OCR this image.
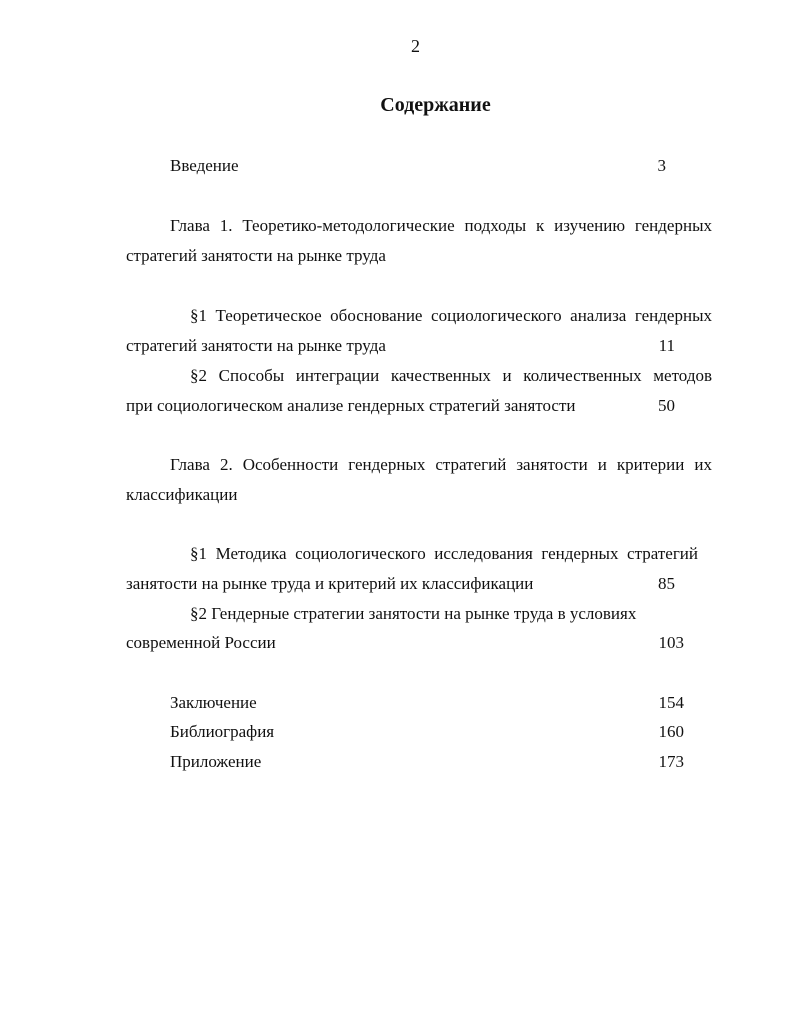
2
Содержание
Введение	3
Глава 1. Теоретико-методологические подходы к изучению гендерных
стратегий занятости на рынке труда
§1 Теоретическое обоснование социологического анализа гендерных
стратегий занятости на рынке труда	11
§2 Способы интеграции качественных и количественных методов
при социологическом анализе гендерных стратегий занятости	50
Глава 2. Особенности гендерных стратегий занятости и критерии их
классификации
§1 Методика социологического исследования гендерных стратегий
занятости на рынке труда и критерий их классификации	85
§2 Гендерные стратегии занятости на рынке труда в условиях
современной России	103
Заключение	154
Библиография	160
Приложение	173
